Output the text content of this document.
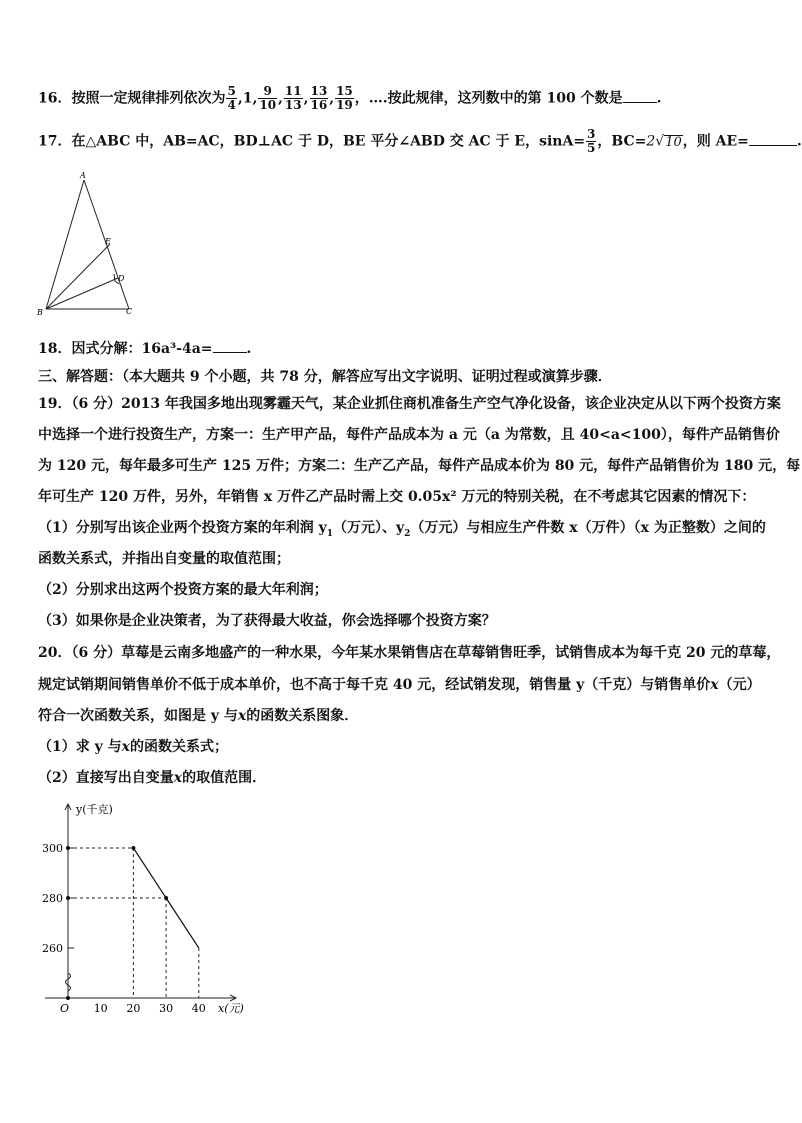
16．按照一定规律排列依次为 $\frac{5}{4} ,1$, $\frac{9}{10}$ , $\frac{11}{13}$ , $\frac{13}{16}$ , $\frac{15}{19}$ ，….按此规律，这列数中的第 100 个数是 .
17．在△ABC 中，AB=AC，BD⊥AC 于 D，BE 平分∠ABD 交 AC 于 E，$\sin A= \frac{3}{5}$ ，BC=2√10，则 AE=	.
A
B	C
D
E
18．因式分解：16a³-4a= .
三、解答题：（本大题共 9 个小题，共 78 分，解答应写出文字说明、证明过程或演算步骤．
19．（6 分）2013 年我国多地出现雾霾天气，某企业抓住商机准备生产空气净化设备，该企业决定从以下两个投资方案
中选择一个进行投资生产，方案一：生产甲产品，每件产品成本为 a 元（a 为常数，且 40<a<100），每件产品销售价
为 120 元，每年最多可生产 125 万件；方案二：生产乙产品，每件产品成本价为 80 元，每件产品销售价为 180 元，每
年可生产 120 万件，另外，年销售 x 万件乙产品时需上交 0.05x² 万元的特别关税，在不考虑其它因素的情况下：
（1）分别写出该企业两个投资方案的年利润 $y_1$（万元）、$y_2$（万元）与相应生产件数 x（万件）（x 为正整数）之间的
函数关系式，并指出自变量的取值范围；
（2）分别求出这两个投资方案的最大年利润；
（3）如果你是企业决策者，为了获得最大收益，你会选择哪个投资方案？
20．（6 分）草莓是云南多地盛产的一种水果，今年某水果销售店在草莓销售旺季，试销售成本为每千克 20 元的草莓，
规定试销期间销售单价不低于成本单价，也不高于每千克 40 元，经试销发现，销售量 y（千克）与销售单价x（元）
符合一次函数关系，如图是 y 与x的函数关系图象．
（1）求 y 与x的函数关系式；
（2）直接写出自变量x的取值范围．
y(千克)
x(元)
O 10 20 30 40
260
280
300
